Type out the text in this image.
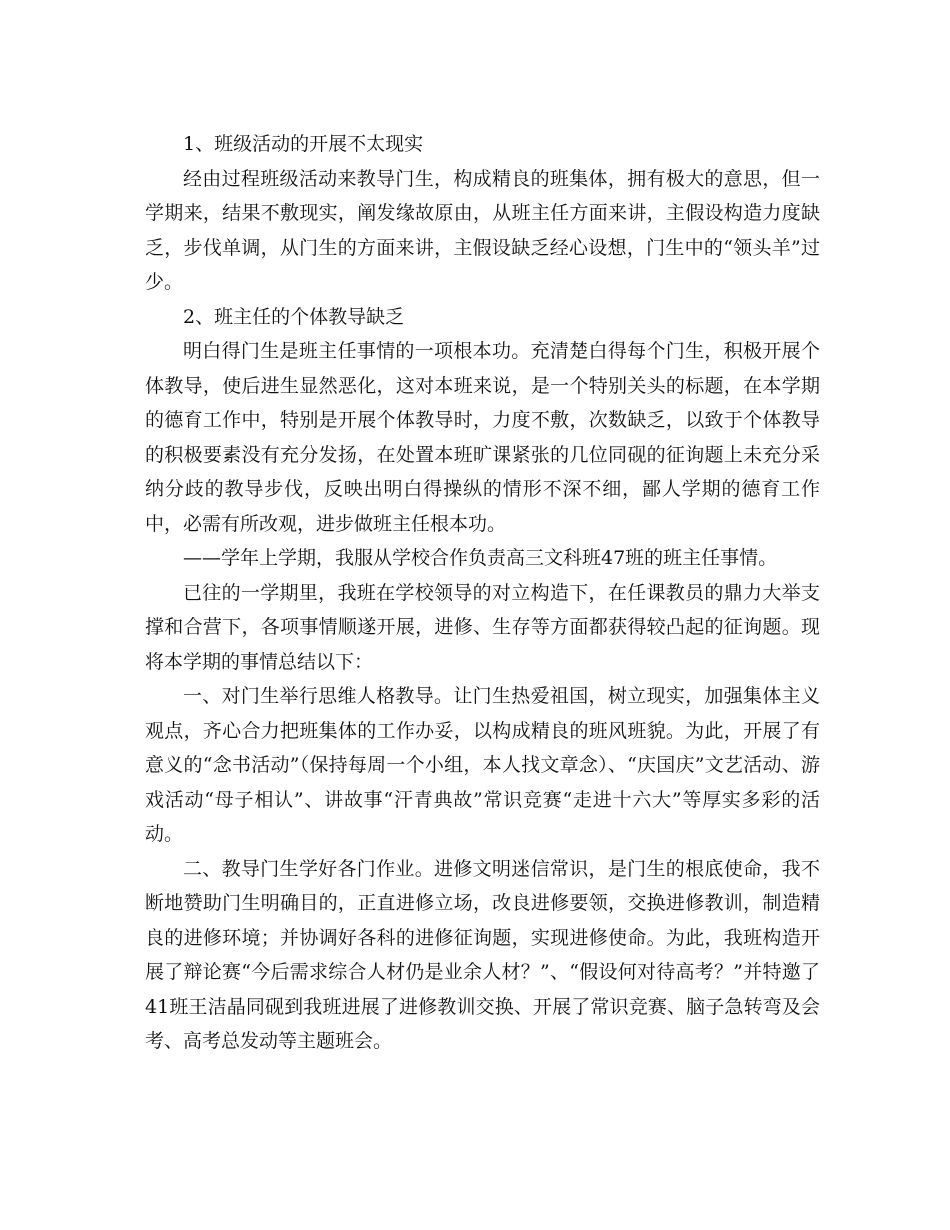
1、班级活动的开展不太现实

经由过程班级活动来教导门生，构成精良的班集体，拥有极大的意思，但一学期来，结果不敷现实，阐发缘故原由，从班主任方面来讲，主假设构造力度缺乏，步伐单调，从门生的方面来讲，主假设缺乏经心设想，门生中的“领头羊”过少。

2、班主任的个体教导缺乏

明白得门生是班主任事情的一项根本功。充清楚白得每个门生，积极开展个体教导，使后进生显然恶化，这对本班来说，是一个特别关头的标题，在本学期的德育工作中，特别是开展个体教导时，力度不敷，次数缺乏，以致于个体教导的积极要素没有充分发扬，在处置本班旷课紧张的几位同砚的征询题上未充分采纳分歧的教导步伐，反映出明白得操纵的情形不深不细，鄙人学期的德育工作中，必需有所改观，进步做班主任根本功。

——学年上学期，我服从学校合作负责高三文科班47班的班主任事情。

已往的一学期里，我班在学校领导的对立构造下，在任课教员的鼎力大举支撑和合营下，各项事情顺遂开展，进修、生存等方面都获得较凸起的征询题。现将本学期的事情总结以下：

一、对门生举行思维人格教导。让门生热爱祖国，树立现实，加强集体主义观点，齐心合力把班集体的工作办妥，以构成精良的班风班貌。为此，开展了有意义的“念书活动”（保持每周一个小组，本人找文章念）、“庆国庆”文艺活动、游戏活动“母子相认”、讲故事“汗青典故”常识竞赛“走进十六大”等厚实多彩的活动。

二、教导门生学好各门作业。进修文明迷信常识，是门生的根底使命，我不断地赞助门生明确目的，正直进修立场，改良进修要领，交换进修教训，制造精良的进修环境；并协调好各科的进修征询题，实现进修使命。为此，我班构造开展了辩论赛“今后需求综合人材仍是业余人材？”、“假设何对待高考？”并特邀了41班王洁晶同砚到我班进展了进修教训交换、开展了常识竞赛、脑子急转弯及会考、高考总发动等主题班会。
